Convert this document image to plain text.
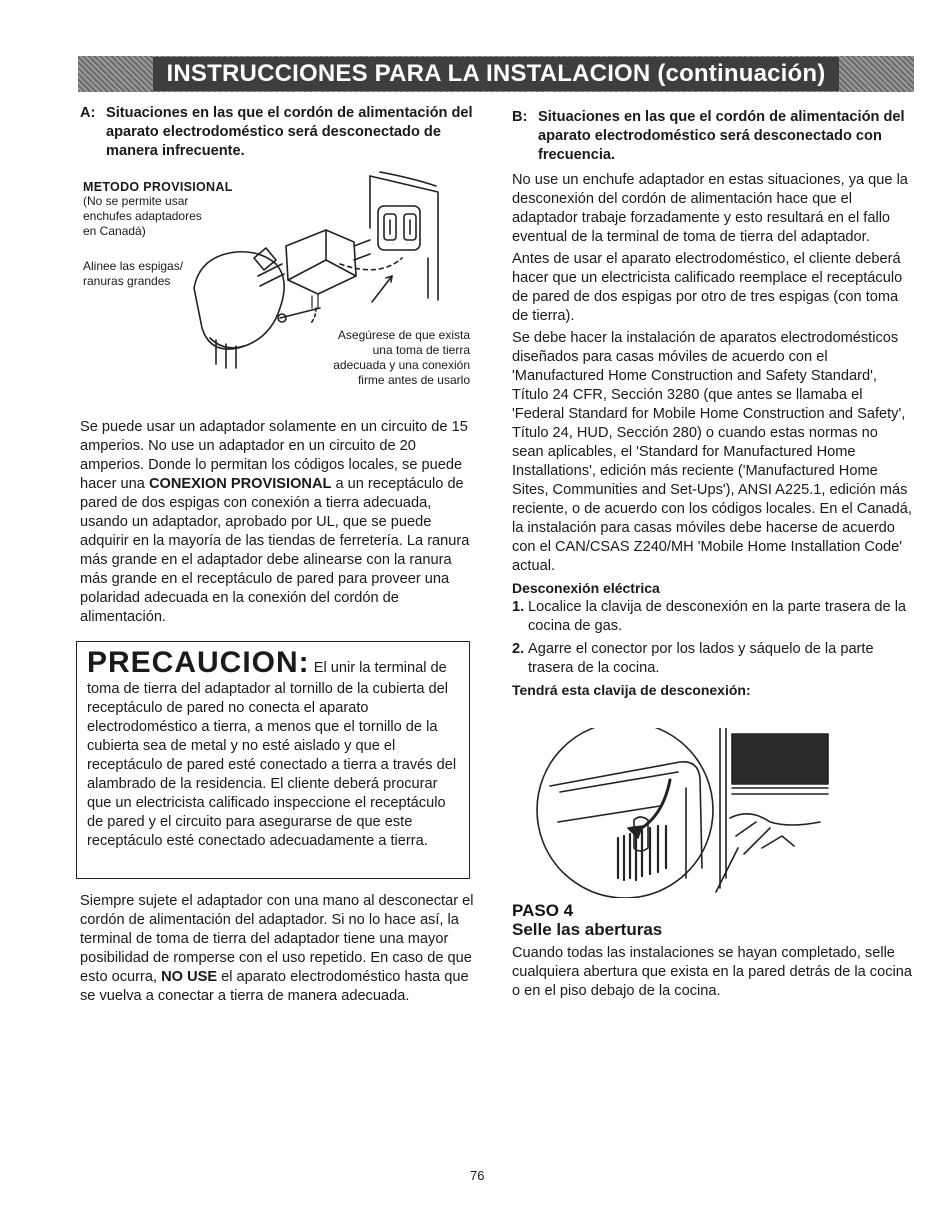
INSTRUCCIONES PARA LA INSTALACION (continuación)
A: Situaciones en las que el cordón de alimentación del aparato electrodoméstico será desconectado de manera infrecuente.
METODO PROVISIONAL
(No se permite usar
enchufes adaptadores
en Canadá)
Alinee las espigas/
ranuras grandes
Asegúrese de que exista
una toma de tierra
adecuada y una conexión
firme antes de usarlo

Se puede usar un adaptador solamente en un circuito de 15 amperios. No use un adaptador en un circuito de 20 amperios. Donde lo permitan los códigos locales, se puede hacer una CONEXION PROVISIONAL a un receptáculo de pared de dos espigas con conexión a tierra adecuada, usando un adaptador, aprobado por UL, que se puede adquirir en la mayoría de las tiendas de ferretería. La ranura más grande en el adaptador debe alinearse con la ranura más grande en el receptáculo de pared para proveer una polaridad adecuada en la conexión del cordón de alimentación.

PRECAUCION: El unir la terminal de

toma de tierra del adaptador al tornillo de la cubierta del receptáculo de pared no conecta el aparato electrodoméstico a tierra, a menos que el tornillo de la cubierta sea de metal y no esté aislado y que el receptáculo de pared esté conectado a tierra a través del alambrado de la residencia. El cliente deberá procurar que un electricista calificado inspeccione el receptáculo de pared y el circuito para asegurarse de que este receptáculo esté conectado adecuadamente a tierra.

Siempre sujete el adaptador con una mano al desconectar el cordón de alimentación del adaptador. Si no lo hace así, la terminal de toma de tierra del adaptador tiene una mayor posibilidad de romperse con el uso repetido. En caso de que esto ocurra, NO USE el aparato electrodoméstico hasta que se vuelva a conectar a tierra de manera adecuada.

B: Situaciones en las que el cordón de alimentación del aparato electrodoméstico será desconectado con frecuencia.

No use un enchufe adaptador en estas situaciones, ya que la desconexión del cordón de alimentación hace que el adaptador trabaje forzadamente y esto resultará en el fallo eventual de la terminal de toma de tierra del adaptador.

Antes de usar el aparato electrodoméstico, el cliente deberá hacer que un electricista calificado reemplace el receptáculo de pared de dos espigas por otro de tres espigas (con toma de tierra).

Se debe hacer la instalación de aparatos electrodomésticos diseñados para casas móviles de acuerdo con el 'Manufactured Home Construction and Safety Standard', Título 24 CFR, Sección 3280 (que antes se llamaba el 'Federal Standard for Mobile Home Construction and Safety', Título 24, HUD, Sección 280) o cuando estas normas no sean aplicables, el 'Standard for Manufactured Home Installations', edición más reciente ('Manufactured Home Sites, Communities and Set-Ups'), ANSI A225.1, edición más reciente, o de acuerdo con los códigos locales. En el Canadá, la instalación para casas móviles debe hacerse de acuerdo con el CAN/CSAS Z240/MH 'Mobile Home Installation Code' actual.

Desconexión eléctrica

1. Localice la clavija de desconexión en la parte trasera de la cocina de gas.
2. Agarre el conector por los lados y sáquelo de la parte trasera de la cocina.

Tendrá esta clavija de desconexión:

PASO 4
Selle las aberturas
Cuando todas las instalaciones se hayan completado, selle cualquiera abertura que exista en la pared detrás de la cocina o en el piso debajo de la cocina.
76
